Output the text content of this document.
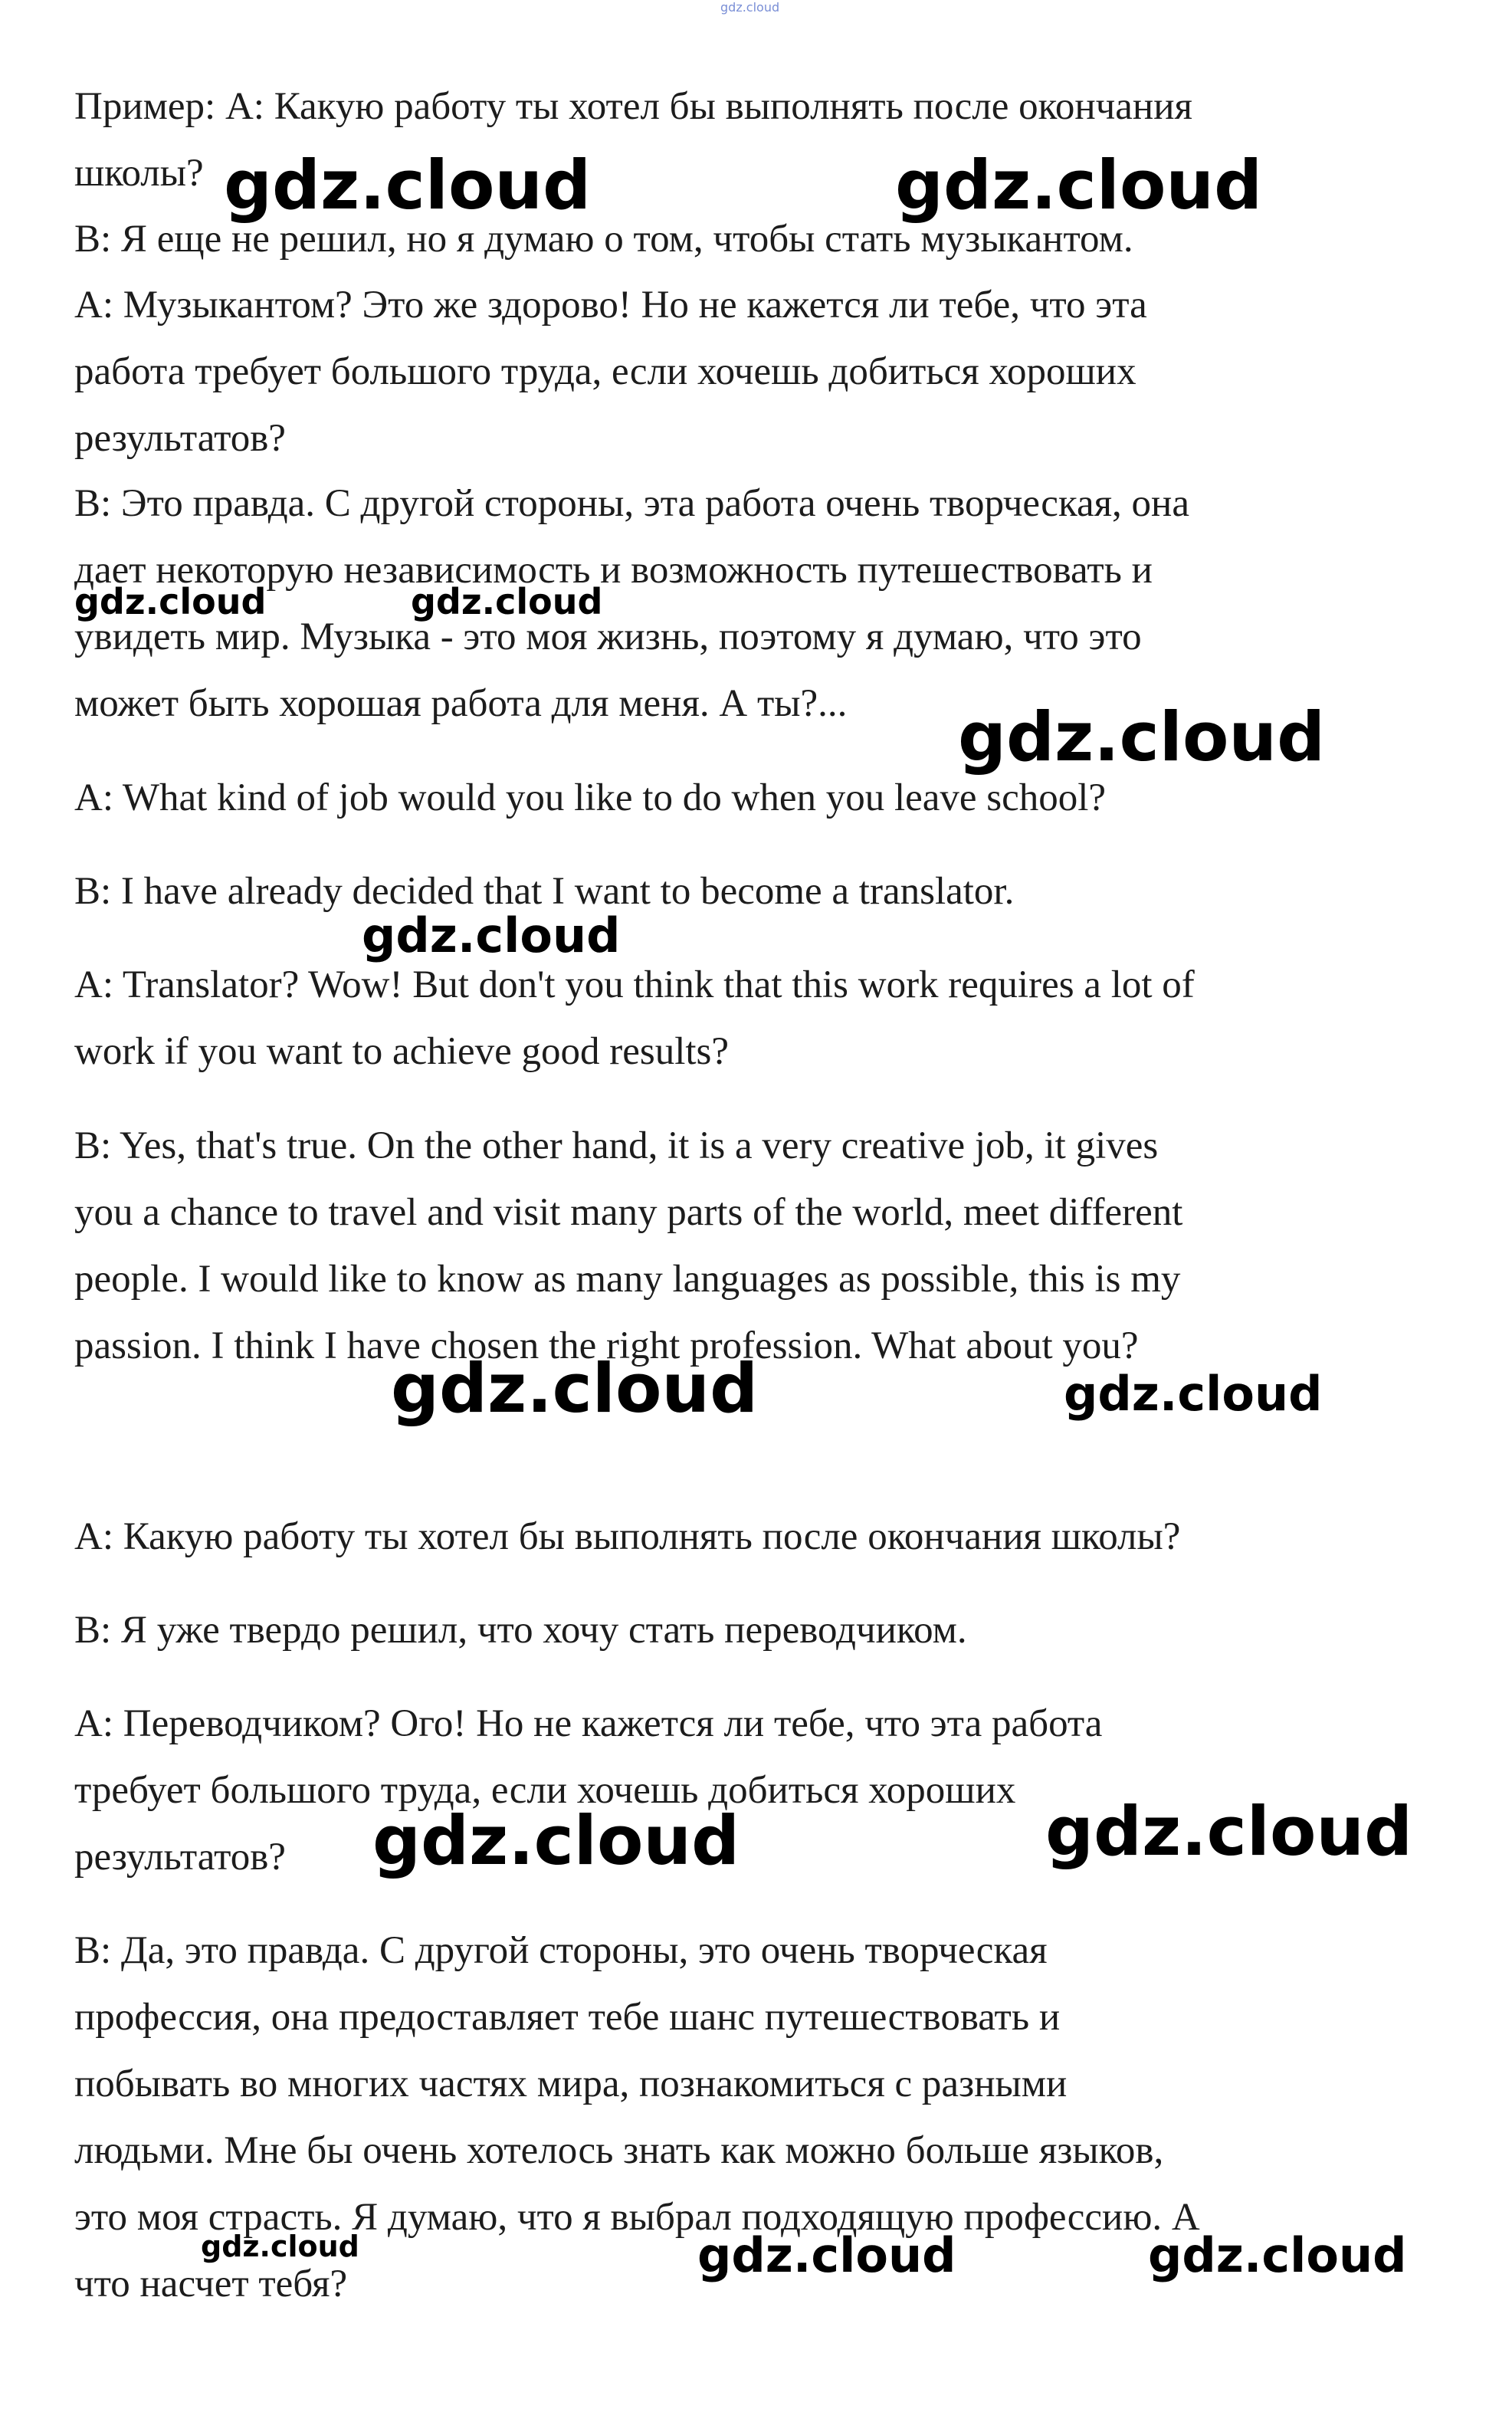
gdz.cloud

Пример: А: Какую работу ты хотел бы выполнять после окончания
школы?

В: Я еще не решил, но я думаю о том, чтобы стать музыкантом.

А: Музыкантом? Это же здорово! Но не кажется ли тебе, что эта
работа требует большого труда, если хочешь добиться хороших
результатов?

В: Это правда. С другой стороны, эта работа очень творческая, она
дает некоторую независимость и возможность путешествовать и
увидеть мир. Музыка - это моя жизнь, поэтому я думаю, что это
может быть хорошая работа для меня. А ты?...

A: What kind of job would you like to do when you leave school?

B: I have already decided that I want to become a translator.

A: Translator? Wow! But don't you think that this work requires a lot of
work if you want to achieve good results?

B: Yes, that's true. On the other hand, it is a very creative job, it gives
you a chance to travel and visit many parts of the world, meet different
people. I would like to know as many languages as possible, this is my
passion. I think I have chosen the right profession. What about you?

А: Какую работу ты хотел бы выполнять после окончания школы?

В: Я уже твердо решил, что хочу стать переводчиком.

А: Переводчиком? Ого! Но не кажется ли тебе, что эта работа
требует большого труда, если хочешь добиться хороших
результатов?

В: Да, это правда. С другой стороны, это очень творческая
профессия, она предоставляет тебе шанс путешествовать и
побывать во многих частях мира, познакомиться с разными
людьми. Мне бы очень хотелось знать как можно больше языков,
это моя страсть. Я думаю, что я выбрал подходящую профессию. А
что насчет тебя?

gdz.cloud	gdz.cloud
gdz.cloud	gdz.cloud
gdz.cloud
gdz.cloud
gdz.cloud	gdz.cloud
gdz.cloud	gdz.cloud
gdz.cloud	gdz.cloud	gdz.cloud
